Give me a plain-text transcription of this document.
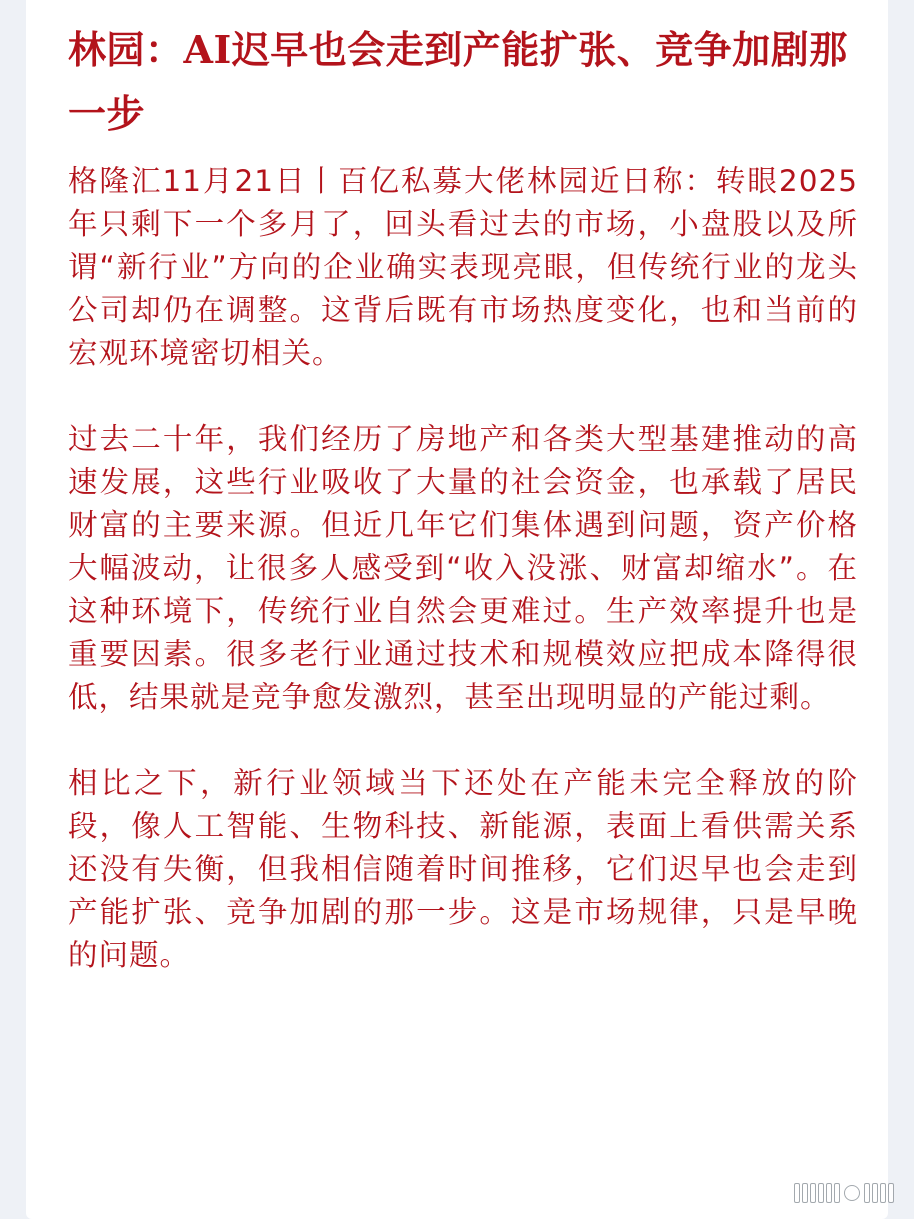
林园：AI迟早也会走到产能扩张、竞争加剧那一步

格隆汇11月21日丨百亿私募大佬林园近日称：转眼2025年只剩下一个多月了，回头看过去的市场，小盘股以及所谓“新行业”方向的企业确实表现亮眼，但传统行业的龙头公司却仍在调整。这背后既有市场热度变化，也和当前的宏观环境密切相关。

过去二十年，我们经历了房地产和各类大型基建推动的高速发展，这些行业吸收了大量的社会资金，也承载了居民财富的主要来源。但近几年它们集体遇到问题，资产价格大幅波动，让很多人感受到“收入没涨、财富却缩水”。在这种环境下，传统行业自然会更难过。生产效率提升也是重要因素。很多老行业通过技术和规模效应把成本降得很低，结果就是竞争愈发激烈，甚至出现明显的产能过剩。

相比之下，新行业领域当下还处在产能未完全释放的阶段，像人工智能、生物科技、新能源，表面上看供需关系还没有失衡，但我相信随着时间推移，它们迟早也会走到产能扩张、竞争加剧的那一步。这是市场规律，只是早晚的问题。
